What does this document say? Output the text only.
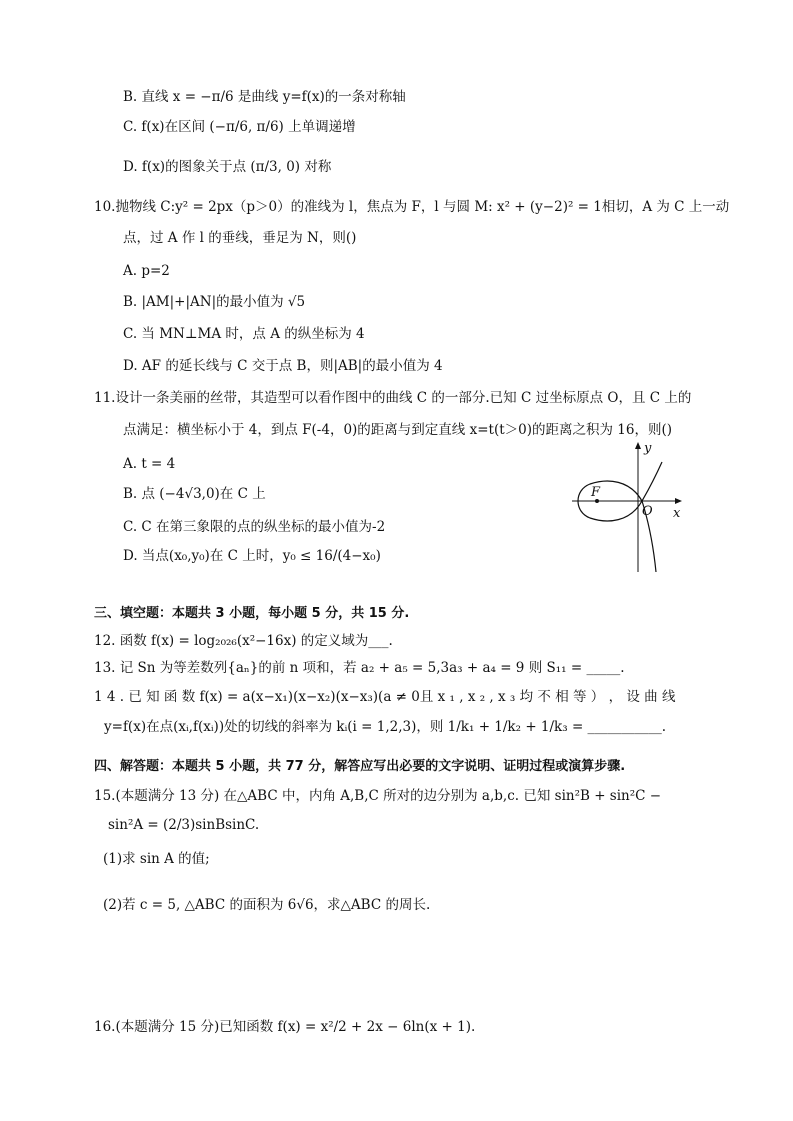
B. 直线 x = −π/6 是曲线 y=f(x)的一条对称轴
C. f(x)在区间 (−π/6, π/6) 上单调递增
D. f(x)的图象关于点 (π/3, 0) 对称
10.抛物线 C:y² = 2px（p＞0）的准线为 l，焦点为 F，l 与圆 M: x² + (y−2)² = 1相切，A 为 C 上一动
点，过 A 作 l 的垂线，垂足为 N，则()
A. p=2
B. |AM|+|AN|的最小值为 √5
C. 当 MN⊥MA 时，点 A 的纵坐标为 4
D. AF 的延长线与 C 交于点 B，则|AB|的最小值为 4
11.设计一条美丽的丝带，其造型可以看作图中的曲线 C 的一部分.已知 C 过坐标原点 O，且 C 上的
点满足：横坐标小于 4，到点 F(-4，0)的距离与到定直线 x=t(t＞0)的距离之积为 16，则()
A. t = 4
B. 点 (−4√3,0)在 C 上
C. C 在第三象限的点的纵坐标的最小值为-2
D. 当点(x₀,y₀)在 C 上时，y₀ ≤ 16/(4−x₀)
F
O x
y
三、填空题：本题共 3 小题，每小题 5 分，共 15 分.
12. 函数 f(x) = log₂₀₂₆(x²−16x) 的定义域为___.
13. 记 Sn 为等差数列{aₙ}的前 n 项和，若 a₂ + a₅ = 5,3a₃ + a₄ = 9 则 S₁₁ = _____.
1 4 . 已 知 函 数 f(x) = a(x−x₁)(x−x₂)(x−x₃)(a ≠ 0且 x ₁ , x ₂ , x ₃ 均 不 相 等 ） ， 设 曲 线
y=f(x)在点(xᵢ,f(xᵢ))处的切线的斜率为 kᵢ(i = 1,2,3)，则 1/k₁ + 1/k₂ + 1/k₃ = ___________.
四、解答题：本题共 5 小题，共 77 分，解答应写出必要的文字说明、证明过程或演算步骤.
15.(本题满分 13 分) 在△ABC 中，内角 A,B,C 所对的边分别为 a,b,c. 已知 sin²B + sin²C −
sin²A = (2/3)sinBsinC.
(1)求 sin A 的值;
(2)若 c = 5, △ABC 的面积为 6√6，求△ABC 的周长.
16.(本题满分 15 分)已知函数 f(x) = x²/2 + 2x − 6ln(x + 1).
